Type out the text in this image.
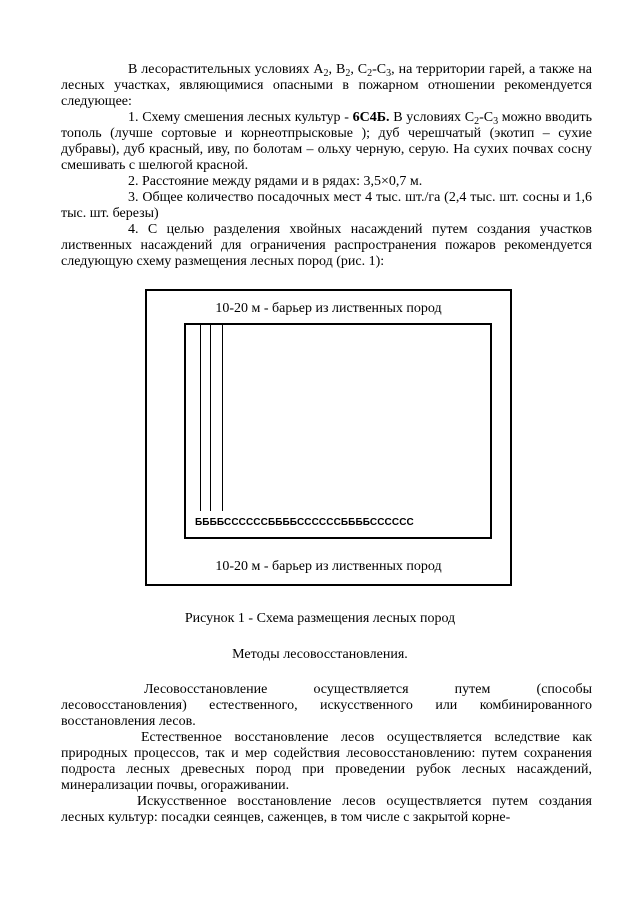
В лесорастительных условиях $А_2$, $В_2$, $С_2-С_3$, на территории гарей, а также на лесных участках, являющимися опасными в пожарном отношении рекомендуется следующее:

1. Схему смешения лесных культур - 6С4Б. В условиях $С_2-С_3$ можно вводить тополь (лучше сортовые и корнеотпрысковые ); дуб черешчатый (экотип – сухие дубравы), дуб красный, иву, по болотам – ольху черную, серую. На сухих почвах сосну смешивать с шелюгой красной.

2. Расстояние между рядами и в рядах: 3,5×0,7 м.

3. Общее количество посадочных мест 4 тыс. шт./га (2,4 тыс. шт. сосны и 1,6 тыс. шт. березы)

4. С целью разделения хвойных насаждений путем создания участков лиственных насаждений для ограничения распространения пожаров рекомендуется следующую схему размещения лесных пород (рис. 1):

10-20 м - барьер из лиственных пород
ББББССССССББББССССССББББСССССС
10-20 м - барьер из лиственных пород
Рисунок 1 - Схема размещения лесных пород
Методы лесовосстановления.

Лесовосстановление осуществляется путем (способы лесовосстановления) естественного, искусственного или комбинированного восстановления лесов.

Естественное восстановление лесов осуществляется вследствие как природных процессов, так и мер содействия лесовосстановлению: путем сохранения подроста лесных древесных пород при проведении рубок лесных насаждений, минерализации почвы, огораживании.

Искусственное восстановление лесов осуществляется путем создания лесных культур: посадки сеянцев, саженцев, в том числе с закрытой корне-
